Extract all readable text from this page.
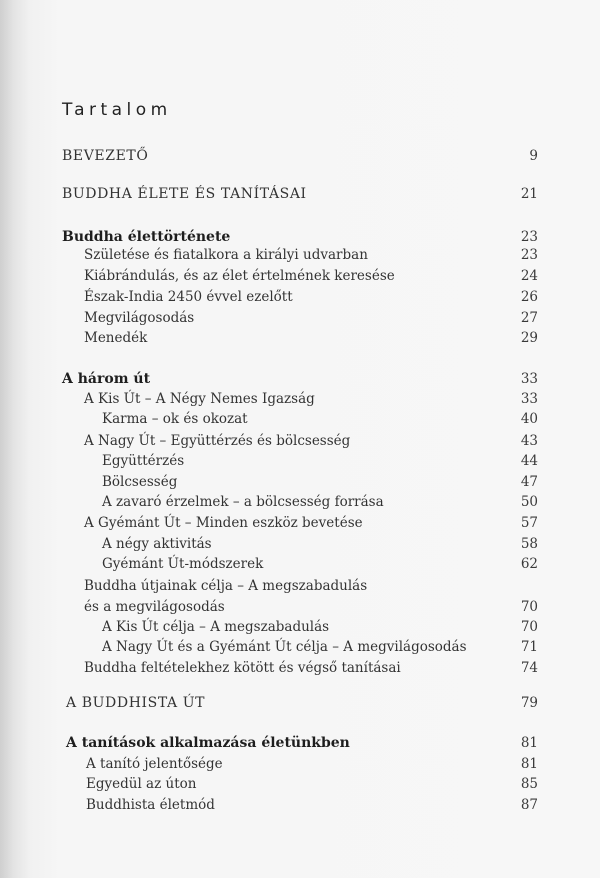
Tartalom
BEVEZETŐ	9
BUDDHA ÉLETE ÉS TANÍTÁSAI	21
Buddha élettörténete	23
Születése és fiatalkora a királyi udvarban	23
Kiábrándulás, és az élet értelmének keresése	24
Észak-India 2450 évvel ezelőtt	26
Megvilágosodás	27
Menedék	29
A három út	33
A Kis Út – A Négy Nemes Igazság	33
Karma – ok és okozat	40
A Nagy Út – Együttérzés és bölcsesség	43
Együttérzés	44
Bölcsesség	47
A zavaró érzelmek – a bölcsesség forrása	50
A Gyémánt Út – Minden eszköz bevetése	57
A négy aktivitás	58
Gyémánt Út-módszerek	62
Buddha útjainak célja – A megszabadulás
és a megvilágosodás	70
A Kis Út célja – A megszabadulás	70
A Nagy Út és a Gyémánt Út célja – A megvilágosodás	71
Buddha feltételekhez kötött és végső tanításai	74
A BUDDHISTA ÚT	79
A tanítások alkalmazása életünkben	81
A tanító jelentősége	81
Egyedül az úton	85
Buddhista életmód	87
